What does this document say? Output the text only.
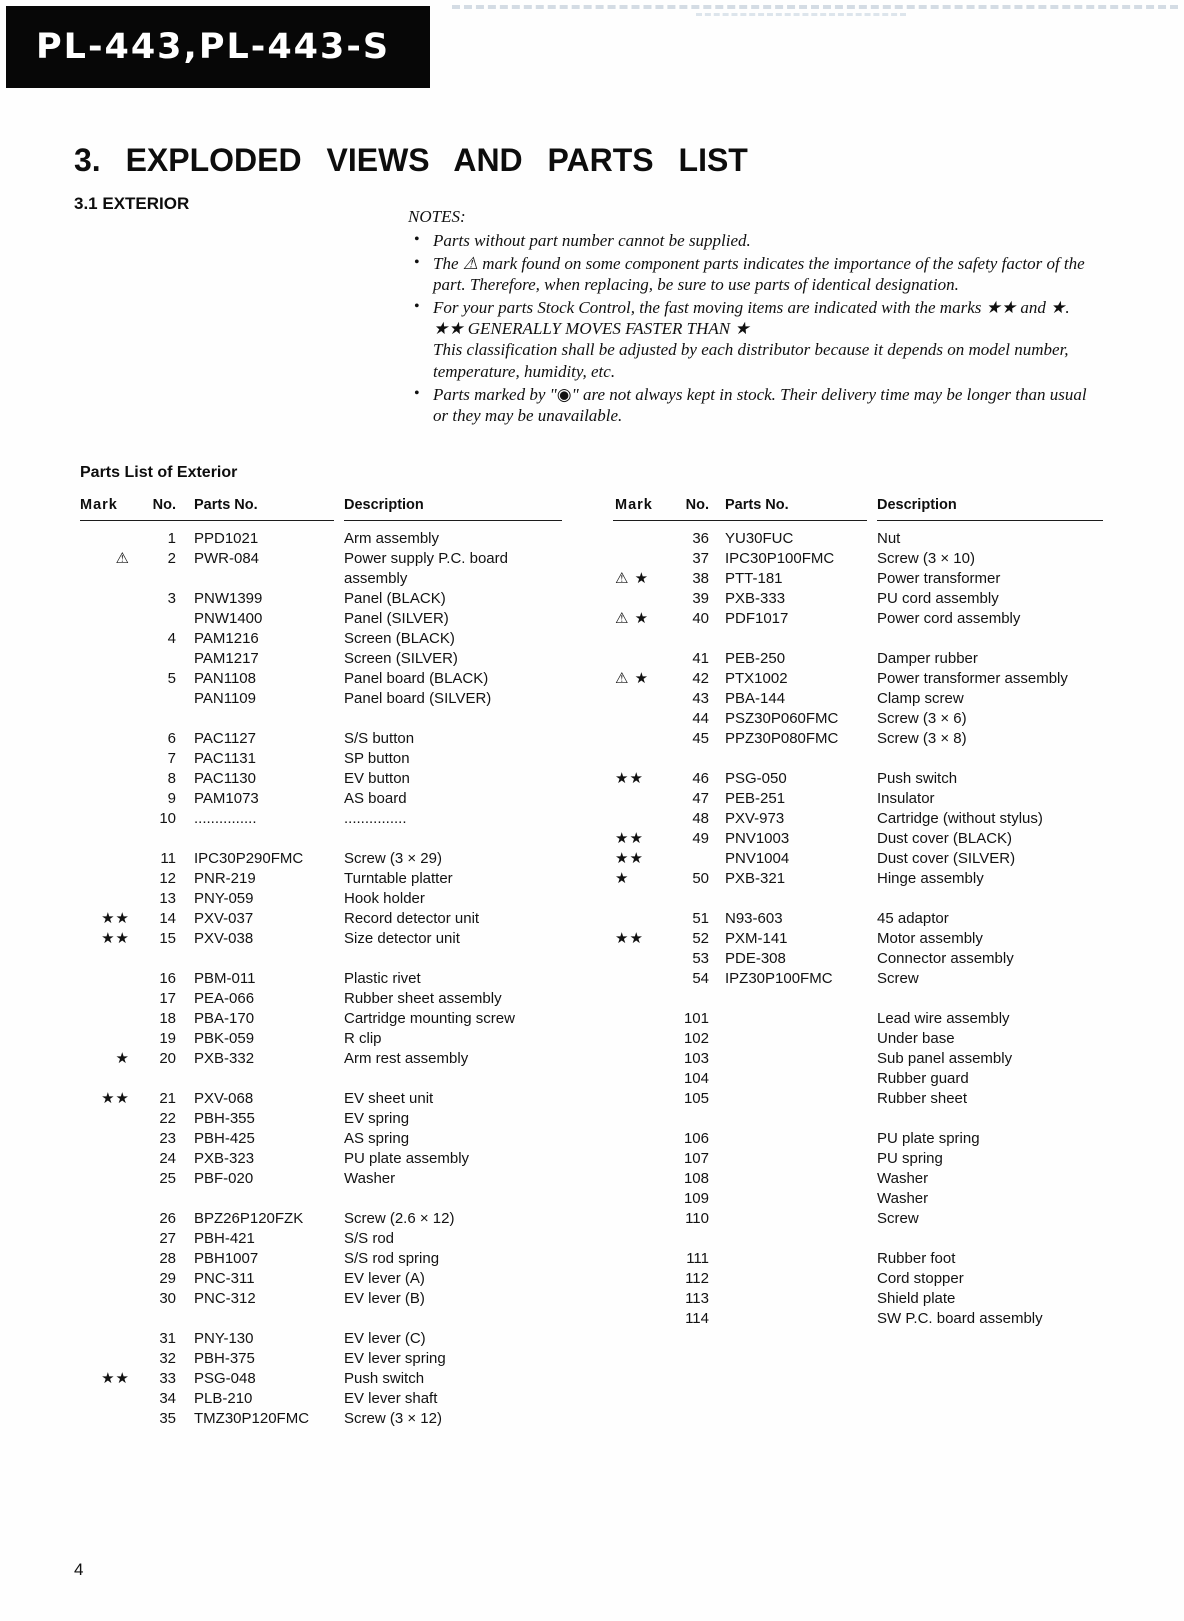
PL-443,PL-443-S
3. EXPLODED VIEWS AND PARTS LIST
3.1 EXTERIOR
NOTES:
• Parts without part number cannot be supplied.
• The ⚠ mark found on some component parts indicates the importance of the safety factor of the part. Therefore, when replacing, be sure to use parts of identical designation.
• For your parts Stock Control, the fast moving items are indicated with the marks ★★ and ★.
★★ GENERALLY MOVES FASTER THAN ★
This classification shall be adjusted by each distributor because it depends on model number, temperature, humidity, etc.
• Parts marked by "◉" are not always kept in stock. Their delivery time may be longer than usual or they may be unavailable.
Parts List of Exterior
Mark	No. Parts No.	Description
1 PPD1021	Arm assembly
⚠	2 PWR-084	Power supply P.C. board assembly
3 PNW1399	Panel (BLACK)
PNW1400	Panel (SILVER)
4 PAM1216	Screen (BLACK)
PAM1217	Screen (SILVER)
5 PAN1108	Panel board (BLACK)
PAN1109	Panel board (SILVER)
6 PAC1127	S/S button
7 PAC1131	SP button
8 PAC1130	EV button
9 PAM1073	AS board
10 ...............	...............
11 IPC30P290FMC	Screw (3 × 29)
12 PNR-219	Turntable platter
13 PNY-059	Hook holder
★★	14 PXV-037	Record detector unit
★★	15 PXV-038	Size detector unit
16 PBM-011	Plastic rivet
17 PEA-066	Rubber sheet assembly
18 PBA-170	Cartridge mounting screw
19 PBK-059	R clip
★	20 PXB-332	Arm rest assembly
★★	21 PXV-068	EV sheet unit
22 PBH-355	EV spring
23 PBH-425	AS spring
24 PXB-323	PU plate assembly
25 PBF-020	Washer
26 BPZ26P120FZK	Screw (2.6 × 12)
27 PBH-421	S/S rod
28 PBH1007	S/S rod spring
29 PNC-311	EV lever (A)
30 PNC-312	EV lever (B)
31 PNY-130	EV lever (C)
32 PBH-375	EV lever spring
★★	33 PSG-048	Push switch
34 PLB-210	EV lever shaft
35 TMZ30P120FMC	Screw (3 × 12)
Mark	No. Parts No.	Description
36 YU30FUC	Nut
37 IPC30P100FMC	Screw (3 × 10)
⚠ ★	38 PTT-181	Power transformer
39 PXB-333	PU cord assembly
⚠ ★	40 PDF1017	Power cord assembly
41 PEB-250	Damper rubber
⚠ ★	42 PTX1002	Power transformer assembly
43 PBA-144	Clamp screw
44 PSZ30P060FMC	Screw (3 × 6)
45 PPZ30P080FMC	Screw (3 × 8)
★★	46 PSG-050	Push switch
47 PEB-251	Insulator
48 PXV-973	Cartridge (without stylus)
★★	49 PNV1003	Dust cover (BLACK)
★★	PNV1004	Dust cover (SILVER)
★	50 PXB-321	Hinge assembly
51 N93-603	45 adaptor
★★	52 PXM-141	Motor assembly
53 PDE-308	Connector assembly
54 IPZ30P100FMC	Screw
101	Lead wire assembly
102	Under base
103	Sub panel assembly
104	Rubber guard
105	Rubber sheet
106	PU plate spring
107	PU spring
108	Washer
109	Washer
110	Screw
111	Rubber foot
112	Cord stopper
113	Shield plate
114	SW P.C. board assembly
4
